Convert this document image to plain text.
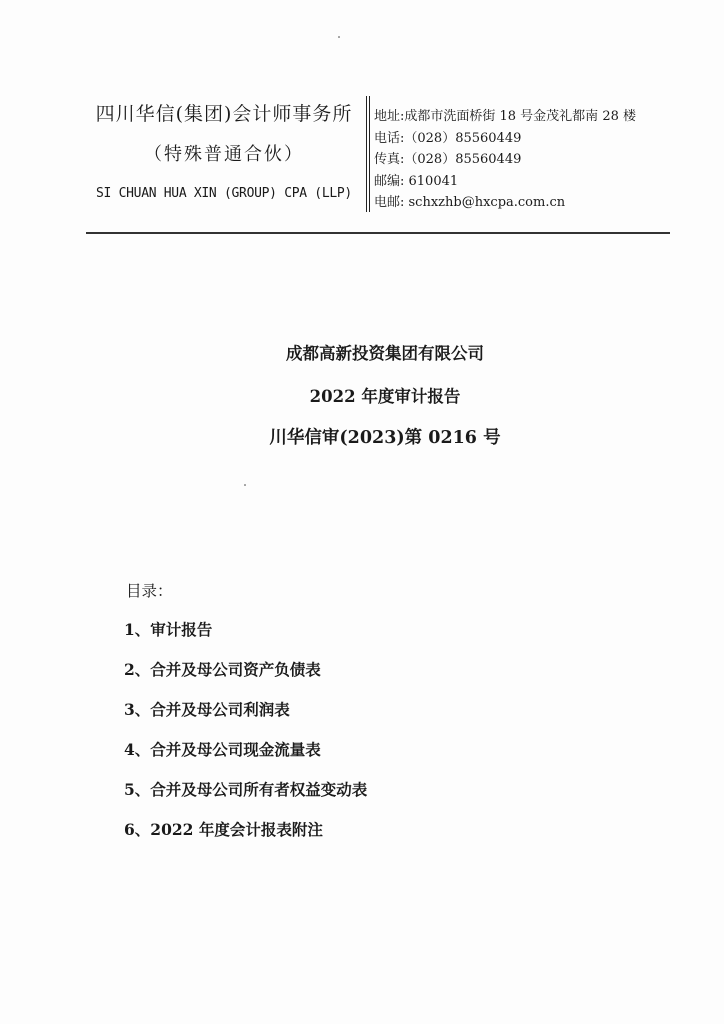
四川华信(集团)会计师事务所
（特殊普通合伙）
SI CHUAN HUA XIN (GROUP) CPA (LLP)
地址:成都市洗面桥街 18 号金茂礼都南 28 楼
电话:（028）85560449
传真:（028）85560449
邮编: 610041
电邮: schxzhb@hxcpa.com.cn
成都高新投资集团有限公司
2022 年度审计报告
川华信审(2023)第 0216 号
目录：
1、审计报告
2、合并及母公司资产负债表
3、合并及母公司利润表
4、合并及母公司现金流量表
5、合并及母公司所有者权益变动表
6、2022 年度会计报表附注
